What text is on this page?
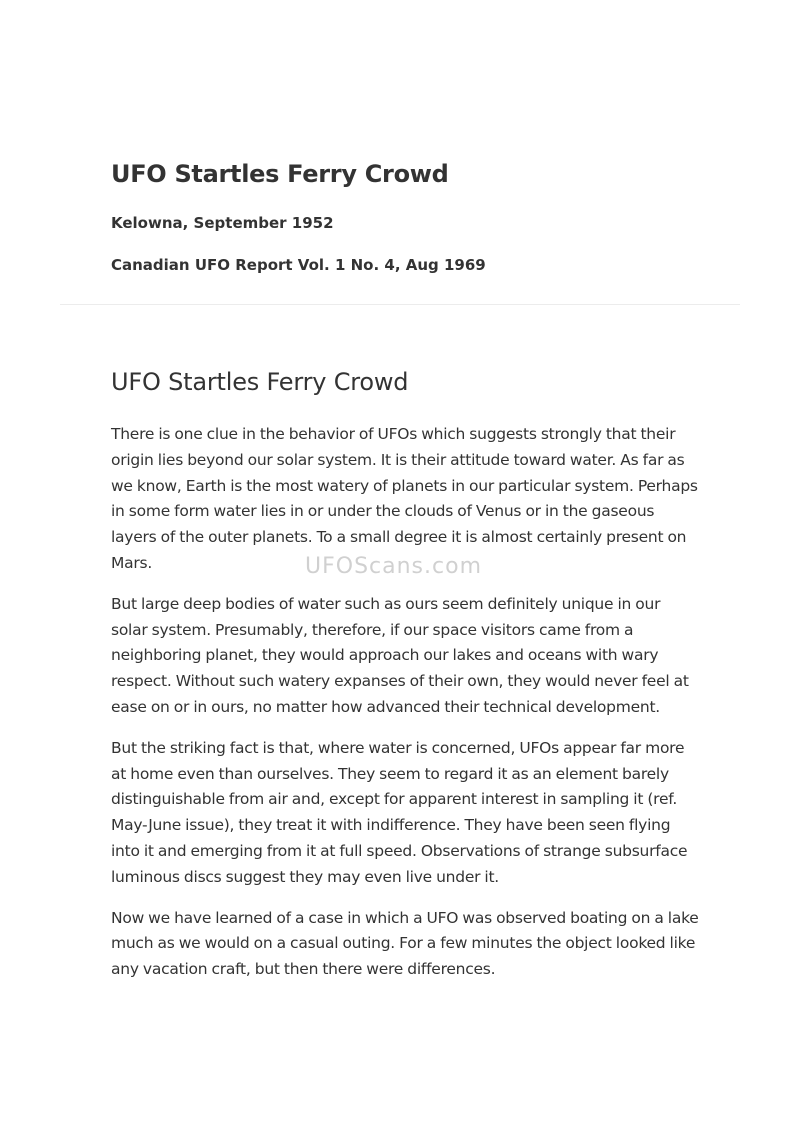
UFO Startles Ferry Crowd

Kelowna, September 1952

Canadian UFO Report Vol. 1 No. 4, Aug 1969

UFO Startles Ferry Crowd

There is one clue in the behavior of UFOs which suggests strongly that their origin lies beyond our solar system. It is their attitude toward water. As far as we know, Earth is the most watery of planets in our particular system. Perhaps in some form water lies in or under the clouds of Venus or in the gaseous layers of the outer planets. To a small degree it is almost certainly present on Mars.

But large deep bodies of water such as ours seem definitely unique in our solar system. Presumably, therefore, if our space visitors came from a neighboring planet, they would approach our lakes and oceans with wary respect. Without such watery expanses of their own, they would never feel at ease on or in ours, no matter how advanced their technical development.

But the striking fact is that, where water is concerned, UFOs appear far more at home even than ourselves. They seem to regard it as an element barely distinguishable from air and, except for apparent interest in sampling it (ref. May-June issue), they treat it with indifference. They have been seen flying into it and emerging from it at full speed. Observations of strange subsurface luminous discs suggest they may even live under it.

Now we have learned of a case in which a UFO was observed boating on a lake much as we would on a casual outing. For a few minutes the object looked like any vacation craft, but then there were differences.

UFOScans.com
